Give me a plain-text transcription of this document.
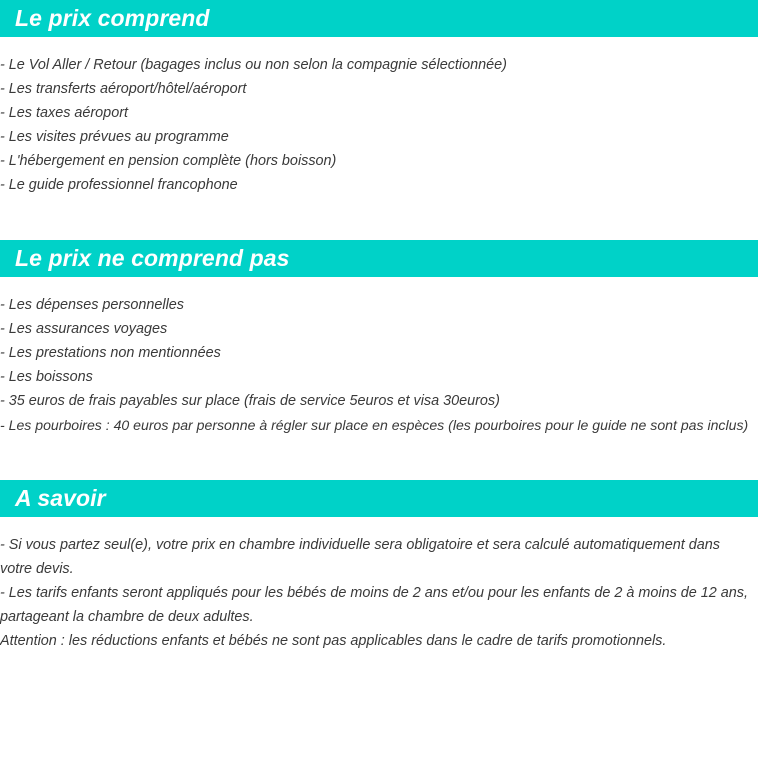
Le prix comprend
- Le Vol Aller / Retour (bagages inclus ou non selon la compagnie sélectionnée)
- Les transferts aéroport/hôtel/aéroport
- Les taxes aéroport
- Les visites prévues au programme
- L'hébergement en pension complète (hors boisson)
- Le guide professionnel francophone
Le prix ne comprend pas
- Les dépenses personnelles
- Les assurances voyages
- Les prestations non mentionnées
- Les boissons
- 35 euros de frais payables sur place (frais de service 5euros et visa 30euros)
- Les pourboires : 40 euros par personne à régler sur place en espèces (les pourboires pour le guide ne sont pas inclus)
A savoir
- Si vous partez seul(e), votre prix en chambre individuelle sera obligatoire et sera calculé automatiquement dans votre devis.
- Les tarifs enfants seront appliqués pour les bébés de moins de 2 ans et/ou pour les enfants de 2 à moins de 12 ans, partageant la chambre de deux adultes.
Attention : les réductions enfants et bébés ne sont pas applicables dans le cadre de tarifs promotionnels.
